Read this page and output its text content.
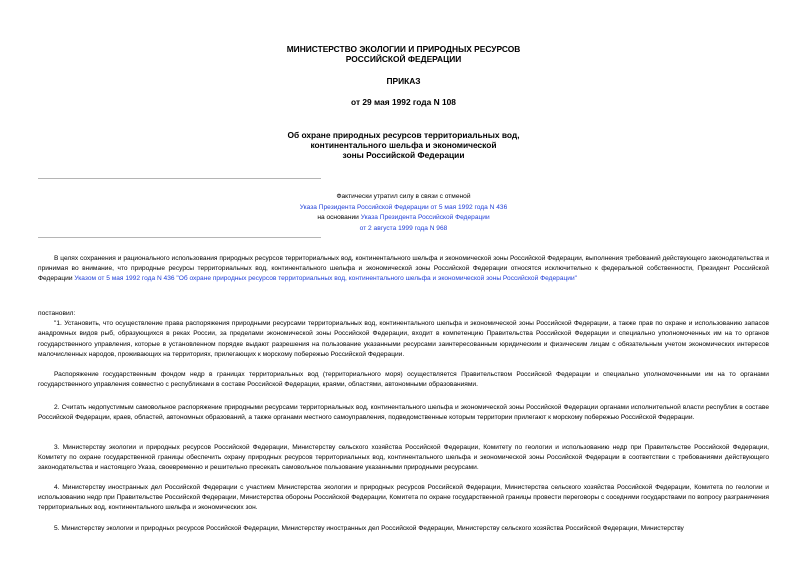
МИНИСТЕРСТВО ЭКОЛОГИИ И ПРИРОДНЫХ РЕСУРСОВ
РОССИЙСКОЙ ФЕДЕРАЦИИ
ПРИКАЗ
от 29 мая 1992 года N 108
Об охране природных ресурсов территориальных вод,
континентального шельфа и экономической
зоны Российской Федерации
Фактически утратил силу в связи с отменой
Указа Президента Российской Федерации от 5 мая 1992 года N 436
на основании Указа Президента Российской Федерации
от 2 августа 1999 года N 968

В целях сохранения и рационального использования природных ресурсов территориальных вод, континентального шельфа и экономической зоны Российской Федерации, выполнения требований действующего законодательства и принимая во внимание, что природные ресурсы территориальных вод, континентального шельфа и экономической зоны Российской Федерации относятся исключительно к федеральной собственности, Президент Российской Федерации Указом от 5 мая 1992 года N 436 "Об охране природных ресурсов территориальных вод, континентального шельфа и экономической зоны Российской Федерации"

постановил:

"1. Установить, что осуществление права распоряжения природными ресурсами территориальных вод, континентального шельфа и экономической зоны Российской Федерации, а также прав по охране и использованию запасов анадромных видов рыб, образующихся в реках России, за пределами экономической зоны Российской Федерации, входит в компетенцию Правительства Российской Федерации и специально уполномоченных им на то органов государственного управления, которые в установленном порядке выдают разрешения на пользование указанными ресурсами заинтересованным юридическим и физическим лицам с обязательным учетом экономических интересов малочисленных народов, проживающих на территориях, прилегающих к морскому побережью Российской Федерации.

Распоряжение государственным фондом недр в границах территориальных вод (территориального моря) осуществляется Правительством Российской Федерации и специально уполномоченными им на то органами государственного управления совместно с республиками в составе Российской Федерации, краями, областями, автономными образованиями.

2. Считать недопустимым самовольное распоряжение природными ресурсами территориальных вод, континентального шельфа и экономической зоны Российской Федерации органами исполнительной власти республик в составе Российской Федерации, краев, областей, автономных образований, а также органами местного самоуправления, подведомственные которым территории прилегают к морскому побережью Российской Федерации.

3. Министерству экологии и природных ресурсов Российской Федерации, Министерству сельского хозяйства Российской Федерации, Комитету по геологии и использованию недр при Правительстве Российской Федерации, Комитету по охране государственной границы обеспечить охрану природных ресурсов территориальных вод, континентального шельфа и экономической зоны Российской Федерации в соответствии с требованиями действующего законодательства и настоящего Указа, своевременно и решительно пресекать самовольное пользование указанными природными ресурсами.

4. Министерству иностранных дел Российской Федерации с участием Министерства экологии и природных ресурсов Российской Федерации, Министерства сельского хозяйства Российской Федерации, Комитета по геологии и использованию недр при Правительстве Российской Федерации, Министерства обороны Российской Федерации, Комитета по охране государственной границы провести переговоры с соседними государствами по вопросу разграничения территориальных вод, континентального шельфа и экономических зон.

5. Министерству экологии и природных ресурсов Российской Федерации, Министерству иностранных дел Российской Федерации, Министерству сельского хозяйства Российской Федерации, Министерству
